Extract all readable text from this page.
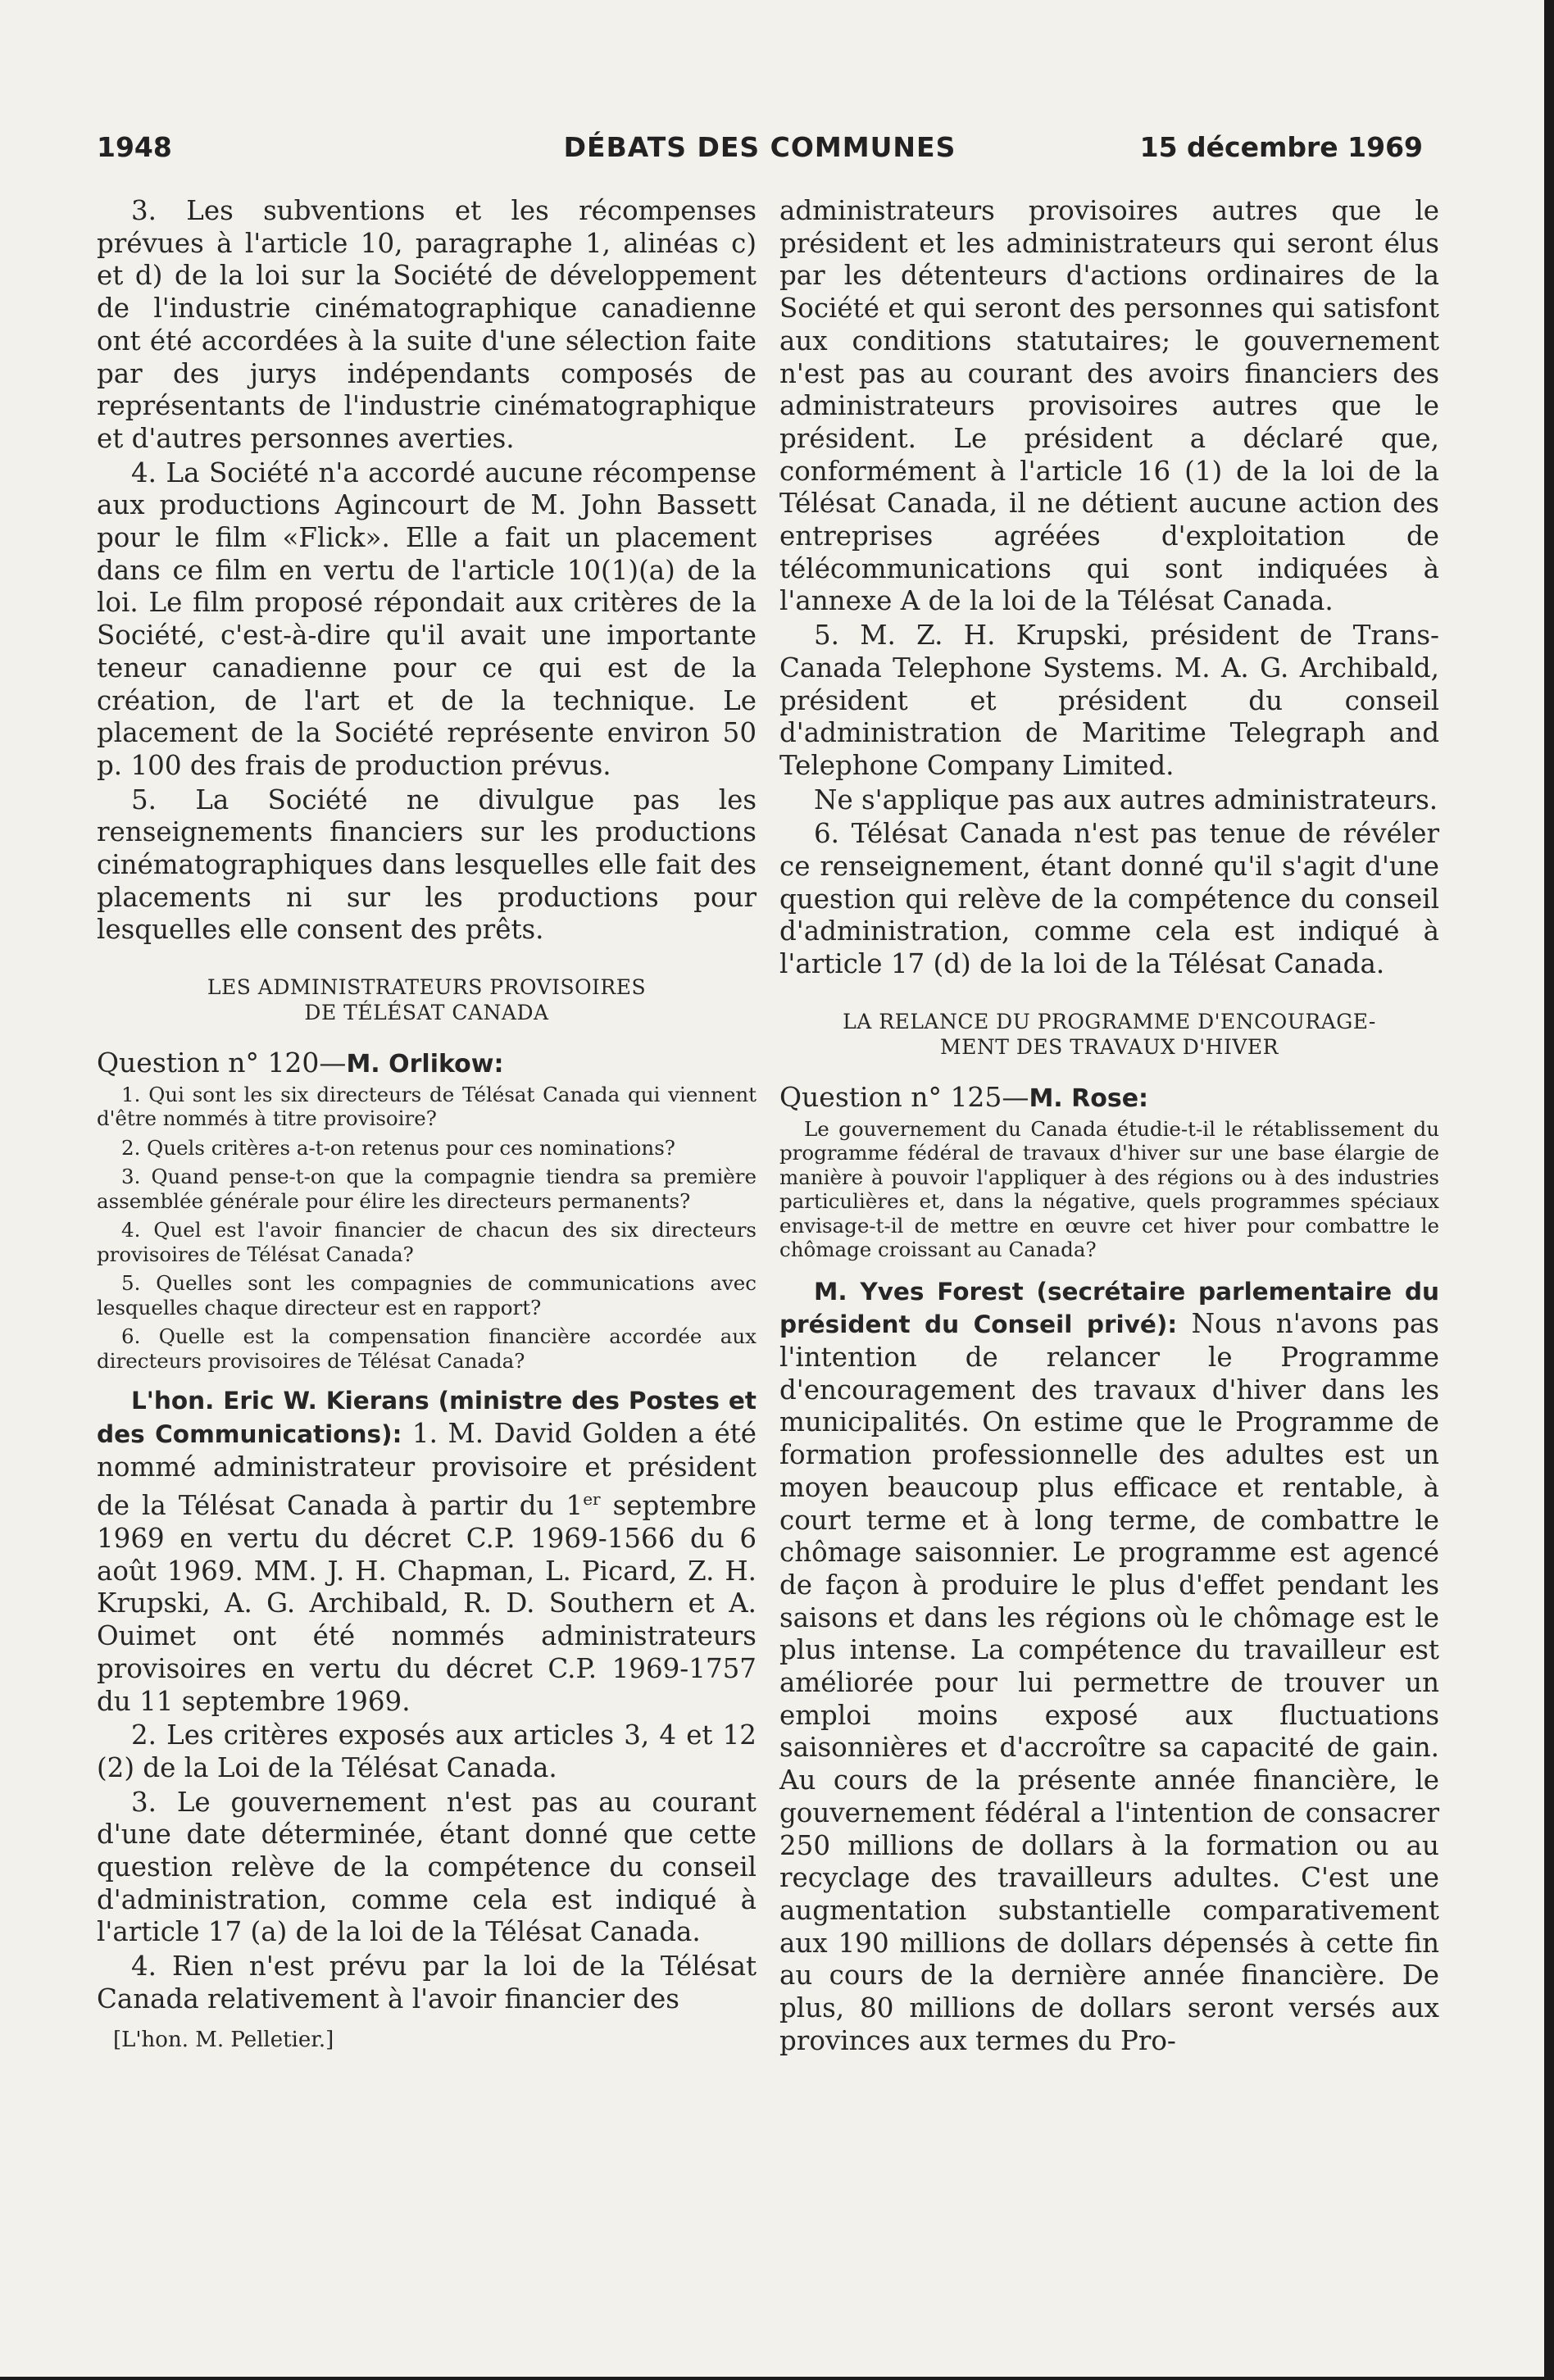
1948	DÉBATS DES COMMUNES	15 décembre 1969

3. Les subventions et les récompenses prévues à l'article 10, paragraphe 1, alinéas c) et d) de la loi sur la Société de développement de l'industrie cinématographique canadienne ont été accordées à la suite d'une sélection faite par des jurys indépendants composés de représentants de l'industrie cinématographique et d'autres personnes averties.

4. La Société n'a accordé aucune récompense aux productions Agincourt de M. John Bassett pour le film «Flick». Elle a fait un placement dans ce film en vertu de l'article 10(1)(a) de la loi. Le film proposé répondait aux critères de la Société, c'est-à-dire qu'il avait une importante teneur canadienne pour ce qui est de la création, de l'art et de la technique. Le placement de la Société représente environ 50 p. 100 des frais de production prévus.

5. La Société ne divulgue pas les renseignements financiers sur les productions cinématographiques dans lesquelles elle fait des placements ni sur les productions pour lesquelles elle consent des prêts.

LES ADMINISTRATEURS PROVISOIRES
DE TÉLÉSAT CANADA

Question n° 120—M. Orlikow:

1. Qui sont les six directeurs de Télésat Canada qui viennent d'être nommés à titre provisoire?

2. Quels critères a-t-on retenus pour ces nominations?

3. Quand pense-t-on que la compagnie tiendra sa première assemblée générale pour élire les directeurs permanents?

4. Quel est l'avoir financier de chacun des six directeurs provisoires de Télésat Canada?

5. Quelles sont les compagnies de communications avec lesquelles chaque directeur est en rapport?

6. Quelle est la compensation financière accordée aux directeurs provisoires de Télésat Canada?

L'hon. Eric W. Kierans (ministre des Postes et des Communications): 1. M. David Golden a été nommé administrateur provisoire et président de la Télésat Canada à partir du 1er septembre 1969 en vertu du décret C.P. 1969-1566 du 6 août 1969. MM. J. H. Chapman, L. Picard, Z. H. Krupski, A. G. Archibald, R. D. Southern et A. Ouimet ont été nommés administrateurs provisoires en vertu du décret C.P. 1969-1757 du 11 septembre 1969.

2. Les critères exposés aux articles 3, 4 et 12 (2) de la Loi de la Télésat Canada.

3. Le gouvernement n'est pas au courant d'une date déterminée, étant donné que cette question relève de la compétence du conseil d'administration, comme cela est indiqué à l'article 17 (a) de la loi de la Télésat Canada.

4. Rien n'est prévu par la loi de la Télésat Canada relativement à l'avoir financier des

[L'hon. M. Pelletier.]

administrateurs provisoires autres que le président et les administrateurs qui seront élus par les détenteurs d'actions ordinaires de la Société et qui seront des personnes qui satisfont aux conditions statutaires; le gouvernement n'est pas au courant des avoirs financiers des administrateurs provisoires autres que le président. Le président a déclaré que, conformément à l'article 16 (1) de la loi de la Télésat Canada, il ne détient aucune action des entreprises agréées d'exploitation de télécommunications qui sont indiquées à l'annexe A de la loi de la Télésat Canada.

5. M. Z. H. Krupski, président de Trans-Canada Telephone Systems. M. A. G. Archibald, président et président du conseil d'administration de Maritime Telegraph and Telephone Company Limited.

Ne s'applique pas aux autres administrateurs.

6. Télésat Canada n'est pas tenue de révéler ce renseignement, étant donné qu'il s'agit d'une question qui relève de la compétence du conseil d'administration, comme cela est indiqué à l'article 17 (d) de la loi de la Télésat Canada.

LA RELANCE DU PROGRAMME D'ENCOURAGE-
MENT DES TRAVAUX D'HIVER

Question n° 125—M. Rose:

Le gouvernement du Canada étudie-t-il le rétablissement du programme fédéral de travaux d'hiver sur une base élargie de manière à pouvoir l'appliquer à des régions ou à des industries particulières et, dans la négative, quels programmes spéciaux envisage-t-il de mettre en œuvre cet hiver pour combattre le chômage croissant au Canada?

M. Yves Forest (secrétaire parlementaire du président du Conseil privé): Nous n'avons pas l'intention de relancer le Programme d'encouragement des travaux d'hiver dans les municipalités. On estime que le Programme de formation professionnelle des adultes est un moyen beaucoup plus efficace et rentable, à court terme et à long terme, de combattre le chômage saisonnier. Le programme est agencé de façon à produire le plus d'effet pendant les saisons et dans les régions où le chômage est le plus intense. La compétence du travailleur est améliorée pour lui permettre de trouver un emploi moins exposé aux fluctuations saisonnières et d'accroître sa capacité de gain. Au cours de la présente année financière, le gouvernement fédéral a l'intention de consacrer 250 millions de dollars à la formation ou au recyclage des travailleurs adultes. C'est une augmentation substantielle comparativement aux 190 millions de dollars dépensés à cette fin au cours de la dernière année financière. De plus, 80 millions de dollars seront versés aux provinces aux termes du Pro-
